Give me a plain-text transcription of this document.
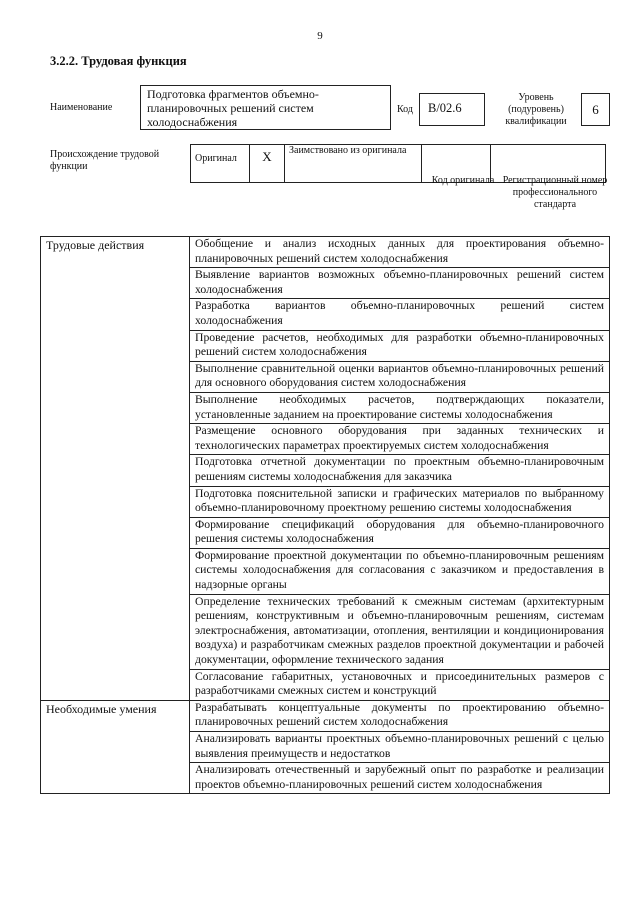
9
3.2.2. Трудовая функция
Наименование
Подготовка фрагментов объемно-планировочных решений систем холодоснабжения
Код	B/02.6
Уровень (подуровень) квалификации
6
Происхождение трудовой функции
Оригинал	X	Заимствовано из оригинала		
Код оригинала Регистрационный номер профессионального стандарта
Трудовые действия	Обобщение и анализ исходных данных для проектирования объемно-планировочных решений систем холодоснабжения
	Выявление вариантов возможных объемно-планировочных решений систем холодоснабжения
	Разработка вариантов объемно-планировочных решений систем холодоснабжения
	Проведение расчетов, необходимых для разработки объемно-планировочных решений систем холодоснабжения
	Выполнение сравнительной оценки вариантов объемно-планировочных решений для основного оборудования систем холодоснабжения
	Выполнение необходимых расчетов, подтверждающих показатели, установленные заданием на проектирование системы холодоснабжения
	Размещение основного оборудования при заданных технических и технологических параметрах проектируемых систем холодоснабжения
	Подготовка отчетной документации по проектным объемно-планировочным решениям системы холодоснабжения для заказчика
	Подготовка пояснительной записки и графических материалов по выбранному объемно-планировочному проектному решению системы холодоснабжения
	Формирование спецификаций оборудования для объемно-планировочного решения системы холодоснабжения
	Формирование проектной документации по объемно-планировочным решениям системы холодоснабжения для согласования с заказчиком и предоставления в надзорные органы
	Определение технических требований к смежным системам (архитектурным решениям, конструктивным и объемно-планировочным решениям, системам электроснабжения, автоматизации, отопления, вентиляции и кондиционирования воздуха) и разработчикам смежных разделов проектной документации и рабочей документации, оформление технического задания
	Согласование габаритных, установочных и присоединительных размеров с разработчиками смежных систем и конструкций
Необходимые умения	Разрабатывать концептуальные документы по проектированию объемно-планировочных решений систем холодоснабжения
	Анализировать варианты проектных объемно-планировочных решений с целью выявления преимуществ и недостатков
	Анализировать отечественный и зарубежный опыт по разработке и реализации проектов объемно-планировочных решений систем холодоснабжения
